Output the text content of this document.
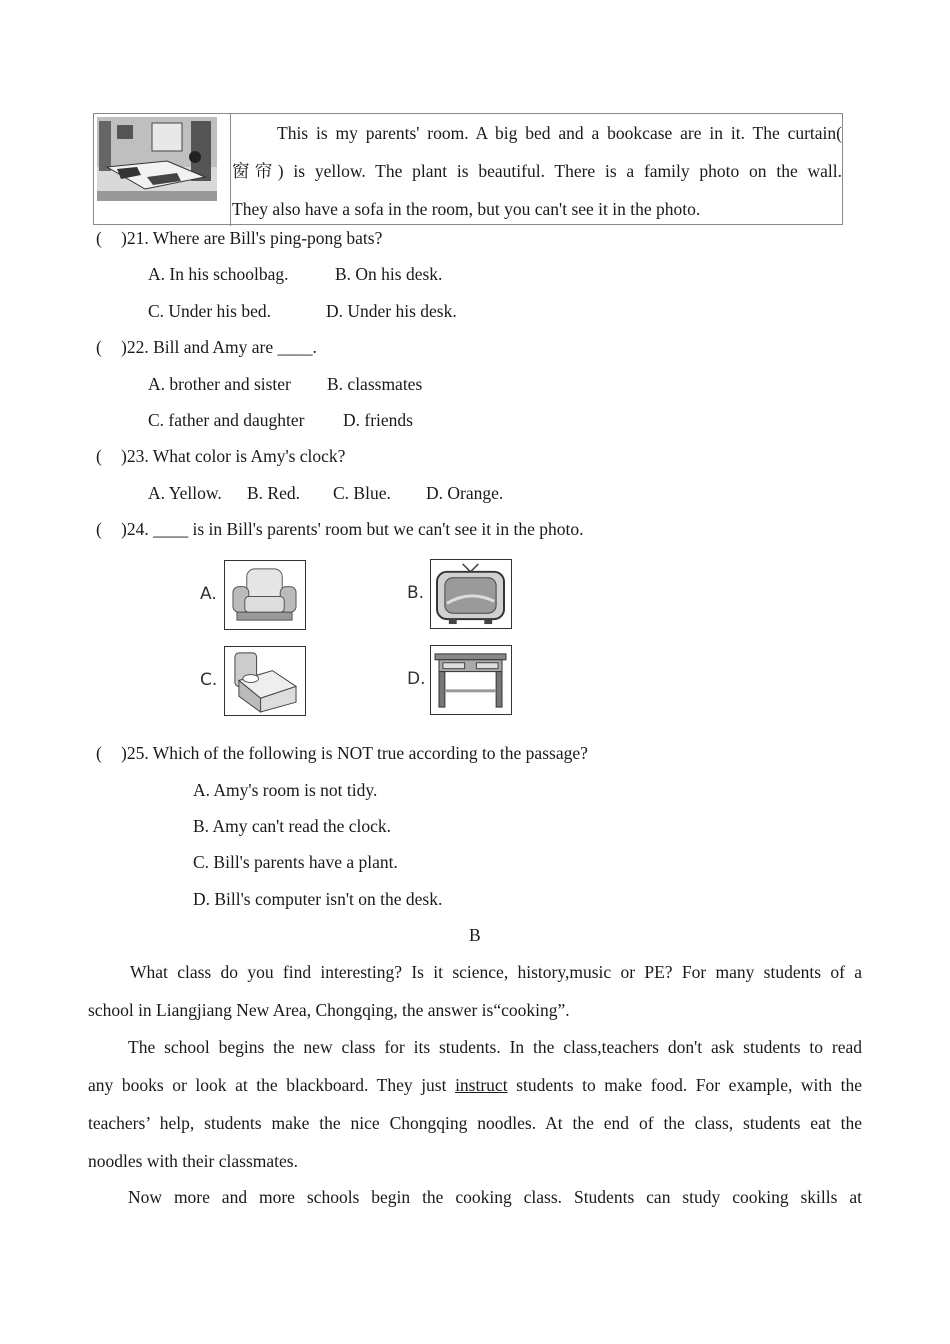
This is my parents' room. A big bed and a bookcase are in it. The curtain(

窗帘) is yellow. The plant is beautiful. There is a family photo on the wall.

They also have a sofa in the room, but you can't see it in the photo.

( )21. Where are Bill's ping-pong bats?
A. In his schoolbag.	B. On his desk.
C. Under his bed.	D. Under his desk.
( )22. Bill and Amy are ____.
A. brother and sister B. classmates
C. father and daughter D. friends
( )23. What color is Amy's clock?
A. Yellow. B. Red. C. Blue. D. Orange.
( )24. ____ is in Bill's parents' room but we can't see it in the photo.
A.	B.
C.	D.
( )25. Which of the following is NOT true according to the passage?
A. Amy's room is not tidy.
B. Amy can't read the clock.
C. Bill's parents have a plant.
D. Bill's computer isn't on the desk.
B

What class do you find interesting? Is it science, history,music or PE? For many students of a

school in Liangjiang New Area, Chongqing, the answer is“cooking”.

The school begins the new class for its students. In the class,teachers don't ask students to read

any books or look at the blackboard. They just instruct students to make food. For example, with the

teachers’ help, students make the nice Chongqing noodles. At the end of the class, students eat the

noodles with their classmates.

Now more and more schools begin the cooking class. Students can study cooking skills at
